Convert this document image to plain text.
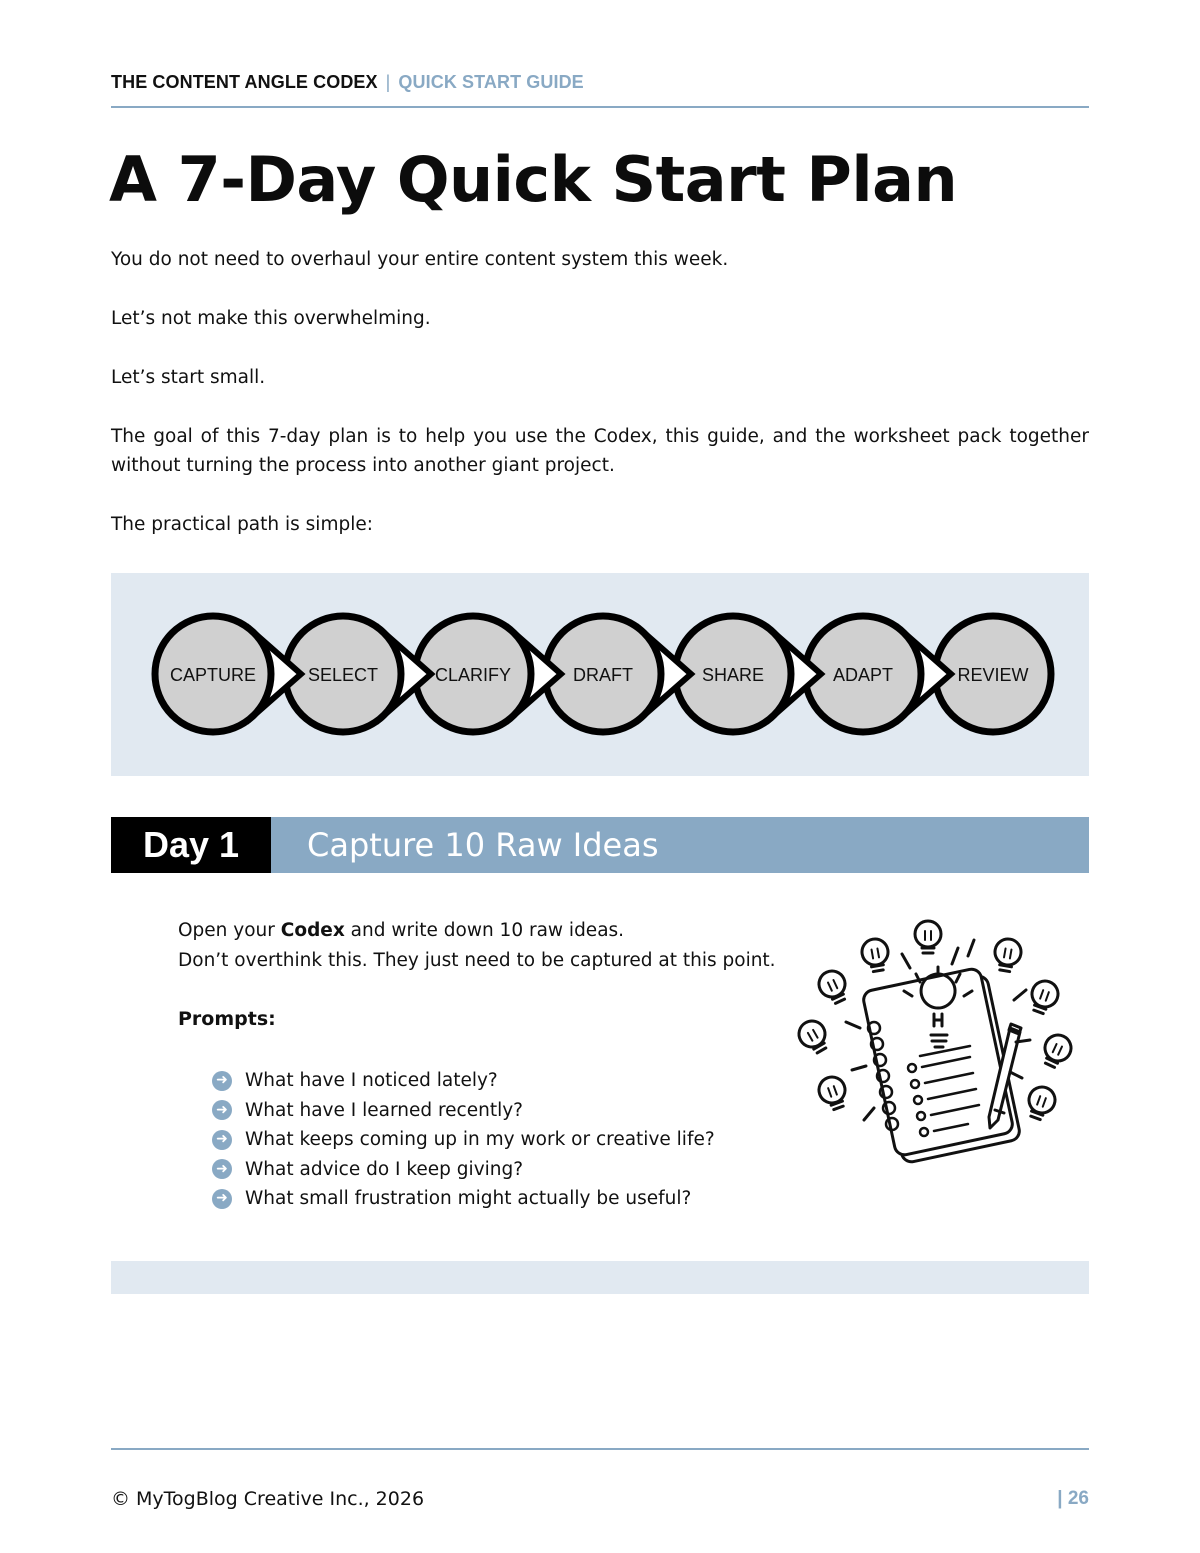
THE CONTENT ANGLE CODEX | QUICK START GUIDE
A 7-Day Quick Start Plan

You do not need to overhaul your entire content system this week.

Let’s not make this overwhelming.

Let’s start small.

The goal of this 7-day plan is to help you use the Codex, this guide, and the worksheet pack together without turning the process into another giant project.

The practical path is simple:

REVIEW
ADAPT
SHARE
DRAFT
CLARIFY
SELECT
CAPTURE
Day 1	Capture 10 Raw Ideas
Open your Codex and write down 10 raw ideas.
Don’t overthink this. They just need to be captured at this point.
Prompts:
➜ What have I noticed lately?
➜ What have I learned recently?
➜ What keeps coming up in my work or creative life?
➜ What advice do I keep giving?
➜ What small frustration might actually be useful?
© MyTogBlog Creative Inc., 2026	| 26
